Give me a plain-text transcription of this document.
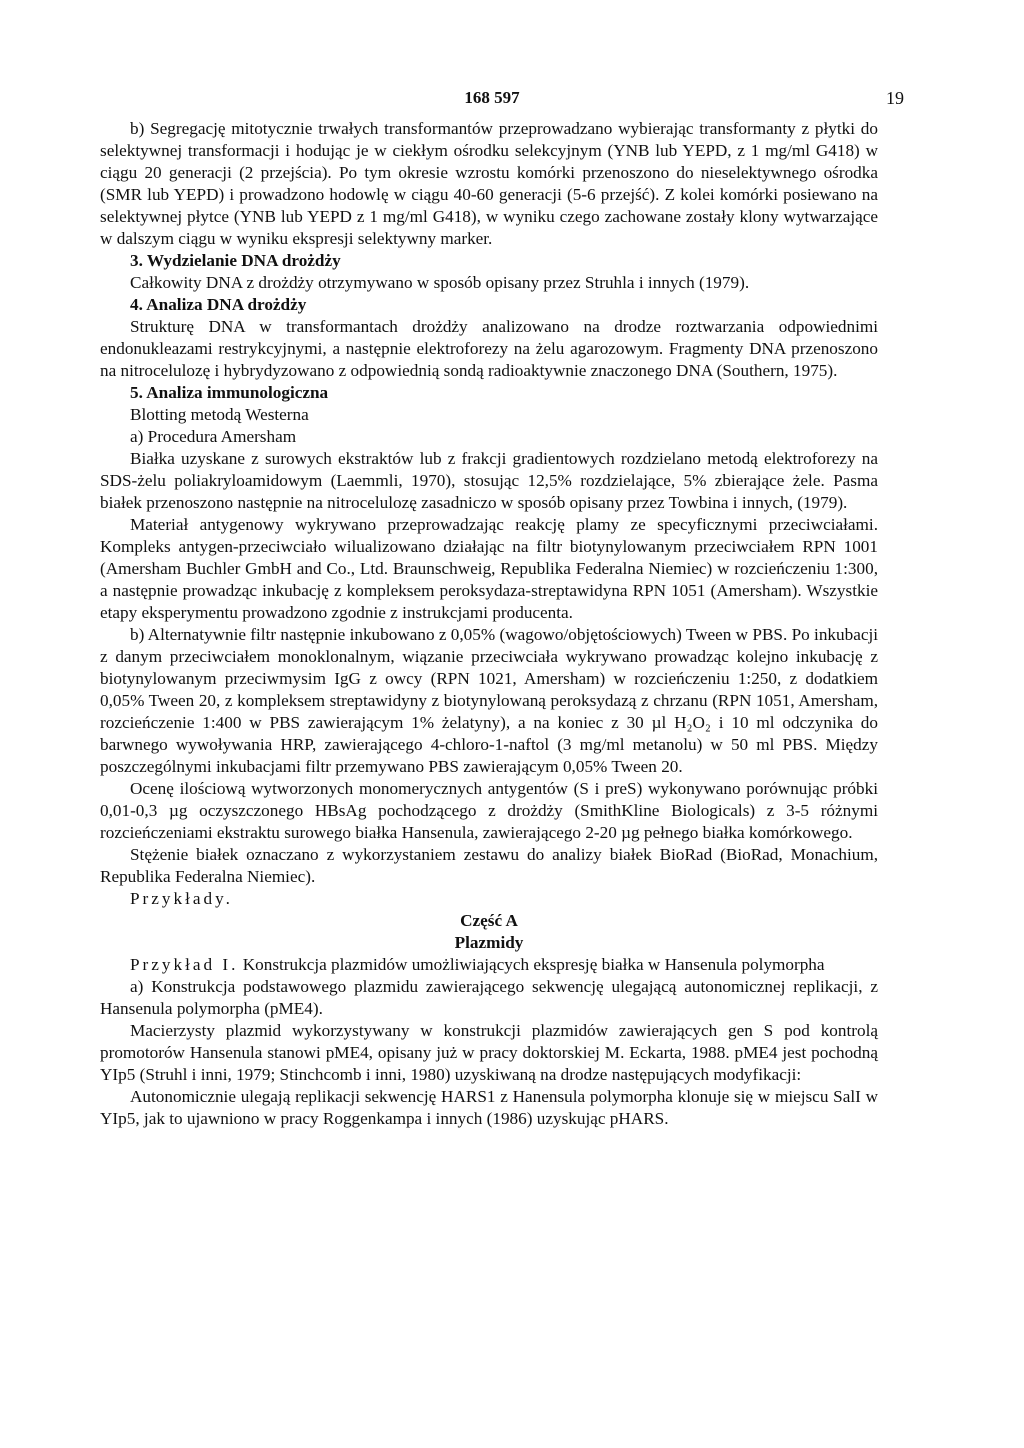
168 597	19

b) Segregację mitotycznie trwałych transformantów przeprowadzano wybierając transformanty z płytki do selektywnej transformacji i hodując je w ciekłym ośrodku selekcyjnym (YNB lub YEPD, z 1 mg/ml G418) w ciągu 20 generacji (2 przejścia). Po tym okresie wzrostu komórki przenoszono do nieselektywnego ośrodka (SMR lub YEPD) i prowadzono hodowlę w ciągu 40-60 generacji (5-6 przejść). Z kolei komórki posiewano na selektywnej płytce (YNB lub YEPD z 1 mg/ml G418), w wyniku czego zachowane zostały klony wytwarzające w dalszym ciągu w wyniku ekspresji selektywny marker.

3. Wydzielanie DNA drożdży

Całkowity DNA z drożdży otrzymywano w sposób opisany przez Struhla i innych (1979).

4. Analiza DNA drożdży

Strukturę DNA w transformantach drożdży analizowano na drodze roztwarzania odpowiednimi endonukleazami restrykcyjnymi, a następnie elektroforezy na żelu agarozowym. Fragmenty DNA przenoszono na nitrocelulozę i hybrydyzowano z odpowiednią sondą radioaktywnie znaczonego DNA (Southern, 1975).

5. Analiza immunologiczna

Blotting metodą Westerna

a) Procedura Amersham

Białka uzyskane z surowych ekstraktów lub z frakcji gradientowych rozdzielano metodą elektroforezy na SDS-żelu poliakryloamidowym (Laemmli, 1970), stosując 12,5% rozdzielające, 5% zbierające żele. Pasma białek przenoszono następnie na nitrocelulozę zasadniczo w sposób opisany przez Towbina i innych, (1979).

Materiał antygenowy wykrywano przeprowadzając reakcję plamy ze specyficznymi przeciwciałami. Kompleks antygen-przeciwciało wilualizowano działając na filtr biotynylowanym przeciwciałem RPN 1001 (Amersham Buchler GmbH and Co., Ltd. Braunschweig, Republika Federalna Niemiec) w rozcieńczeniu 1:300, a następnie prowadząc inkubację z kompleksem peroksydaza-streptawidyna RPN 1051 (Amersham). Wszystkie etapy eksperymentu prowadzono zgodnie z instrukcjami producenta.

b) Alternatywnie filtr następnie inkubowano z 0,05% (wagowo/objętościowych) Tween w PBS. Po inkubacji z danym przeciwciałem monoklonalnym, wiązanie przeciwciała wykrywano prowadząc kolejno inkubację z biotynylowanym przeciwmysim IgG z owcy (RPN 1021, Amersham) w rozcieńczeniu 1:250, z dodatkiem 0,05% Tween 20, z kompleksem streptawidyny z biotynylowaną peroksydazą z chrzanu (RPN 1051, Amersham, rozcieńczenie 1:400 w PBS zawierającym 1% żelatyny), a na koniec z 30 µl H₂O₂ i 10 ml odczynika do barwnego wywoływania HRP, zawierającego 4-chloro-1-naftol (3 mg/ml metanolu) w 50 ml PBS. Między poszczególnymi inkubacjami filtr przemywano PBS zawierającym 0,05% Tween 20.

Ocenę ilościową wytworzonych monomerycznych antygentów (S i preS) wykonywano porównując próbki 0,01-0,3 µg oczyszczonego HBsAg pochodzącego z drożdży (SmithKline Biologicals) z 3-5 różnymi rozcieńczeniami ekstraktu surowego białka Hansenula, zawierającego 2-20 µg pełnego białka komórkowego.

Stężenie białek oznaczano z wykorzystaniem zestawu do analizy białek BioRad (BioRad, Monachium, Republika Federalna Niemiec).

Przykłady.

Część A
Plazmidy

Przykład I. Konstrukcja plazmidów umożliwiających ekspresję białka w Hansenula polymorpha

a) Konstrukcja podstawowego plazmidu zawierającego sekwencję ulegającą autonomicznej replikacji, z Hansenula polymorpha (pME4).

Macierzysty plazmid wykorzystywany w konstrukcji plazmidów zawierających gen S pod kontrolą promotorów Hansenula stanowi pME4, opisany już w pracy doktorskiej M. Eckarta, 1988. pME4 jest pochodną YIp5 (Struhl i inni, 1979; Stinchcomb i inni, 1980) uzyskiwaną na drodze następujących modyfikacji:

Autonomicznie ulegają replikacji sekwencję HARS1 z Hanensula polymorpha klonuje się w miejscu SalI w YIp5, jak to ujawniono w pracy Roggenkampa i innych (1986) uzyskując pHARS.
